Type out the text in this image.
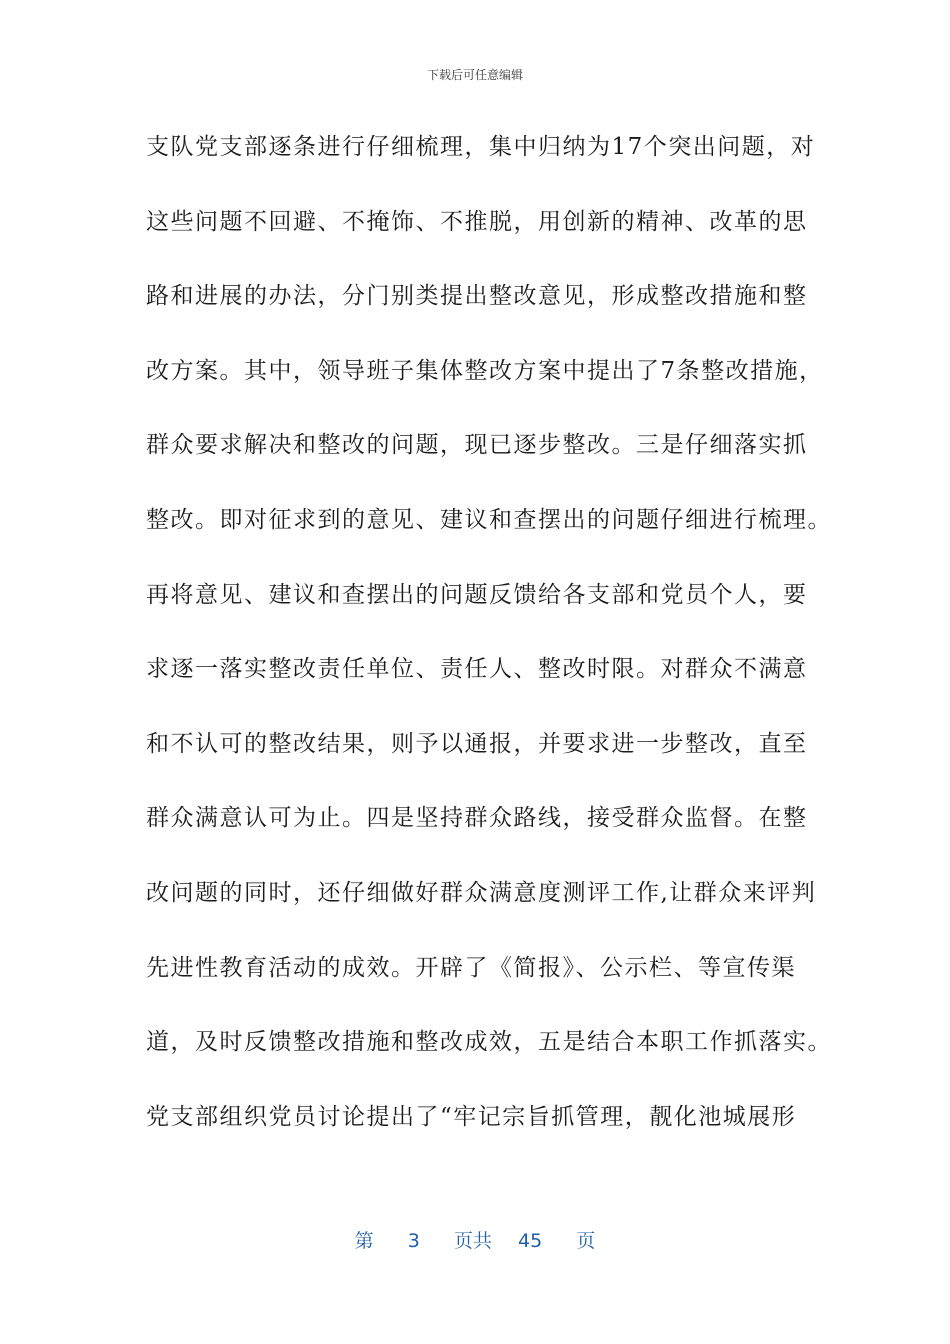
下载后可任意编辑
支队党支部逐条进行仔细梳理，集中归纳为17个突出问题，对
这些问题不回避、不掩饰、不推脱，用创新的精神、改革的思
路和进展的办法，分门别类提出整改意见，形成整改措施和整
改方案。其中，领导班子集体整改方案中提出了7条整改措施，
群众要求解决和整改的问题，现已逐步整改。三是仔细落实抓
整改。即对征求到的意见、建议和查摆出的问题仔细进行梳理。
再将意见、建议和查摆出的问题反馈给各支部和党员个人，要
求逐一落实整改责任单位、责任人、整改时限。对群众不满意
和不认可的整改结果，则予以通报，并要求进一步整改，直至
群众满意认可为止。四是坚持群众路线，接受群众监督。在整
改问题的同时，还仔细做好群众满意度测评工作,让群众来评判
先进性教育活动的成效。开辟了《简报》、公示栏、等宣传渠
道，及时反馈整改措施和整改成效，五是结合本职工作抓落实。
党支部组织党员讨论提出了“牢记宗旨抓管理，靓化池城展形
第 3 页共 45 页
